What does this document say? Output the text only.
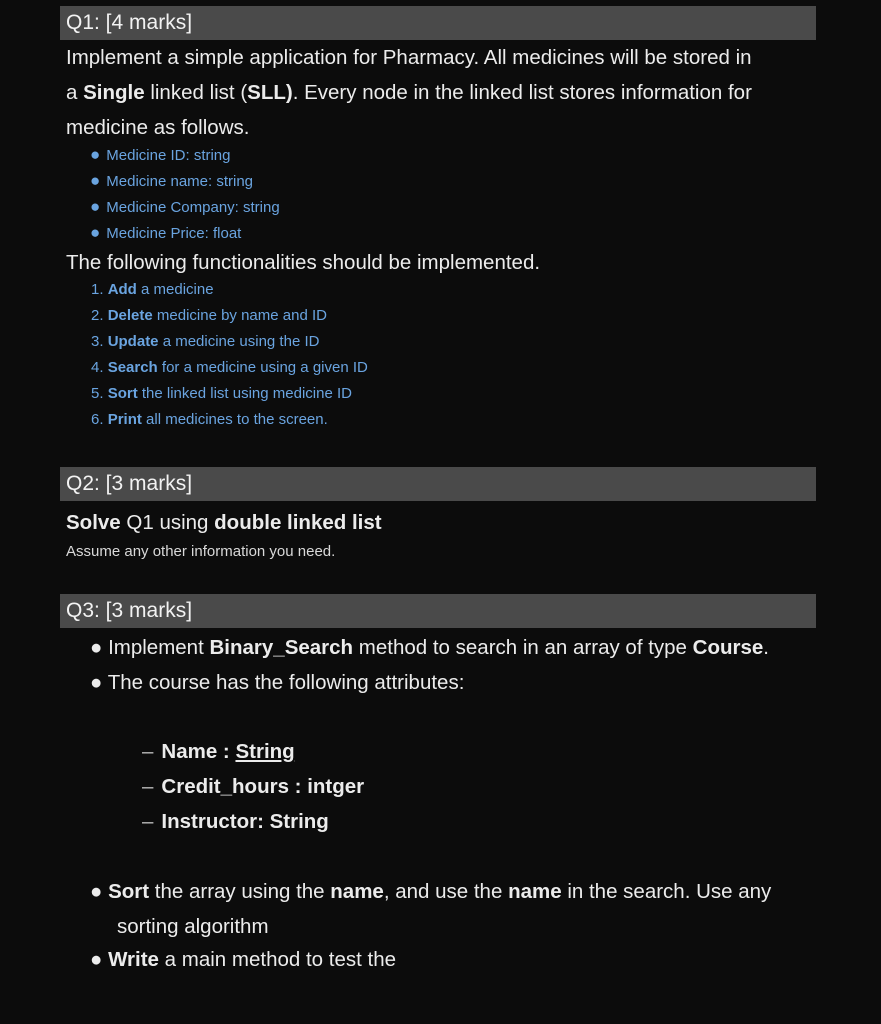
Q1: [4 marks]
Implement a simple application for Pharmacy. All medicines will be stored in
a Single linked list (SLL). Every node in the linked list stores information for
medicine as follows.
● Medicine ID: string
● Medicine name: string
● Medicine Company: string
● Medicine Price: float
The following functionalities should be implemented.
1. Add a medicine
2. Delete medicine by name and ID
3. Update a medicine using the ID
4. Search for a medicine using a given ID
5. Sort the linked list using medicine ID
6. Print all medicines to the screen.
Q2: [3 marks]
Solve Q1 using double linked list
Assume any other information you need.
Q3: [3 marks]
● Implement Binary_Search method to search in an array of type Course.
● The course has the following attributes:
– Name : String
– Credit_hours : intger
– Instructor: String
● Sort the array using the name, and use the name in the search. Use any
sorting algorithm
● Write a main method to test the
